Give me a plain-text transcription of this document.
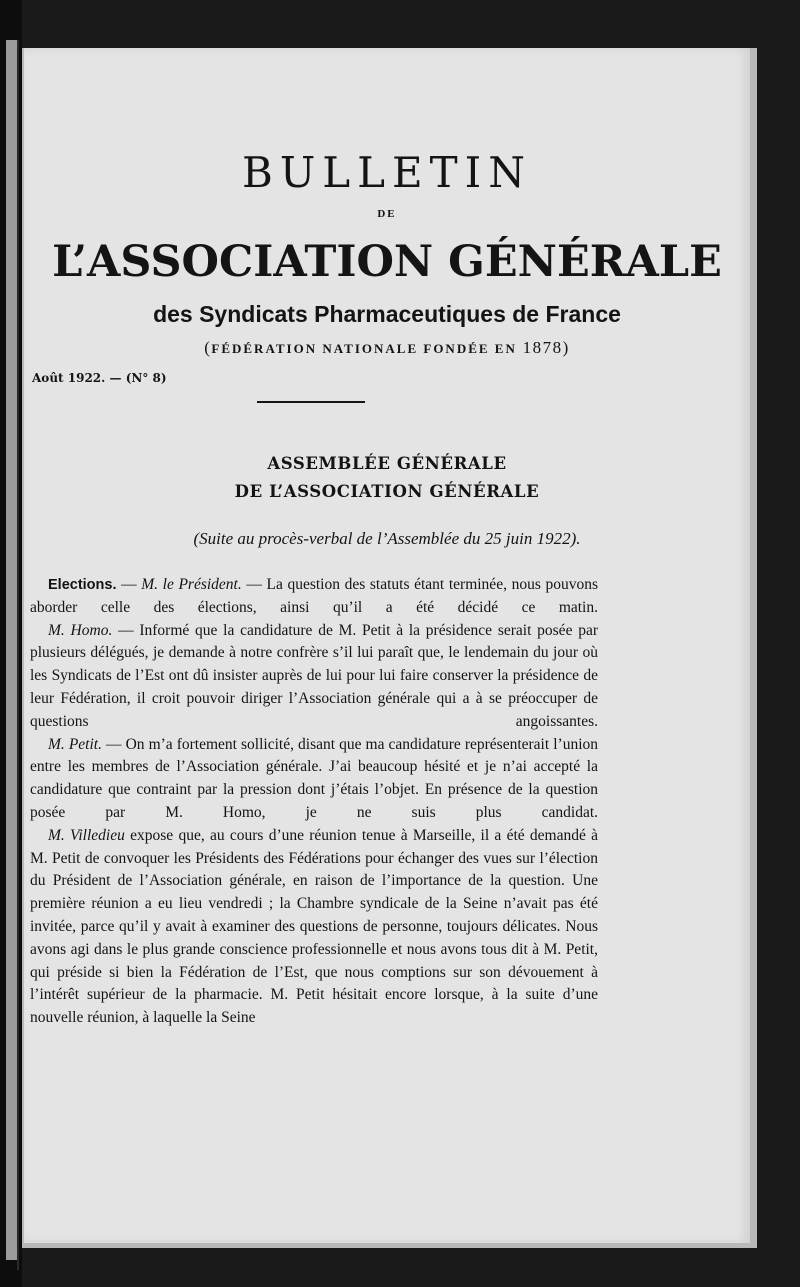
BULLETIN
DE
L’ASSOCIATION GÉNÉRALE
des Syndicats Pharmaceutiques de France
(FÉDÉRATION NATIONALE FONDÉE EN 1878)
Août 1922. — (N° 8)
ASSEMBLÉE GÉNÉRALE
DE L’ASSOCIATION GÉNÉRALE
(Suite au procès-verbal de l’Assemblée du 25 juin 1922).

Elections. — M. le Président. — La question des statuts étant terminée, nous pouvons aborder celle des élections, ainsi qu’il a été décidé ce matin.

M. Homo. — Informé que la candidature de M. Petit à la présidence serait posée par plusieurs délégués, je demande à notre confrère s’il lui paraît que, le lendemain du jour où les Syndicats de l’Est ont dû insister auprès de lui pour lui faire conserver la présidence de leur Fédération, il croit pouvoir diriger l’Association générale qui a à se préoccuper de questions angoissantes.

M. Petit. — On m’a fortement sollicité, disant que ma candidature représenterait l’union entre les membres de l’Association générale. J’ai beaucoup hésité et je n’ai accepté la candidature que contraint par la pression dont j’étais l’objet. En présence de la question posée par M. Homo, je ne suis plus candidat.

M. Villedieu expose que, au cours d’une réunion tenue à Marseille, il a été demandé à M. Petit de convoquer les Présidents des Fédérations pour échanger des vues sur l’élection du Président de l’Association générale, en raison de l’importance de la question. Une première réunion a eu lieu vendredi ; la Chambre syndicale de la Seine n’avait pas été invitée, parce qu’il y avait à examiner des questions de personne, toujours délicates. Nous avons agi dans le plus grande conscience professionnelle et nous avons tous dit à M. Petit, qui préside si bien la Fédération de l’Est, que nous comptions sur son dévouement à l’intérêt supérieur de la pharmacie. M. Petit hésitait encore lorsque, à la suite d’une nouvelle réunion, à laquelle la Seine
